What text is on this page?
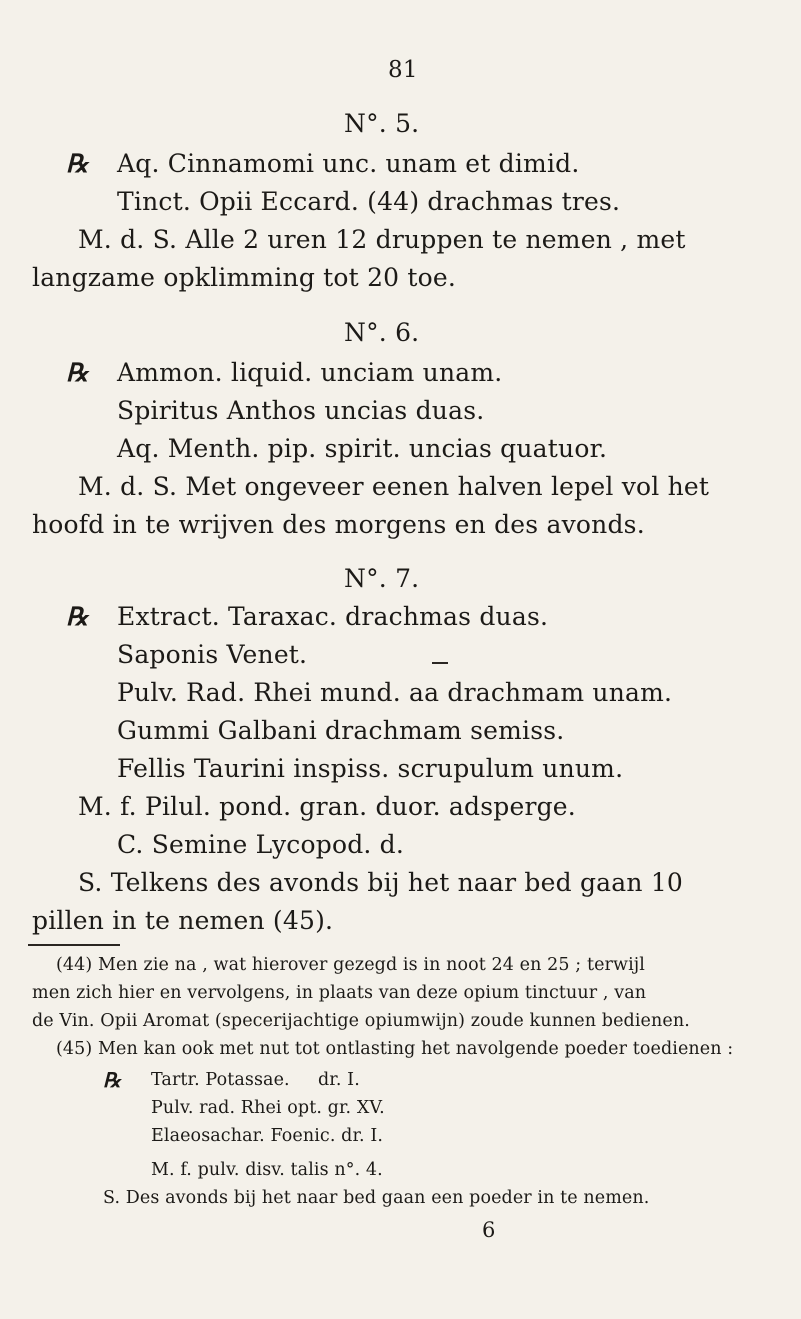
81
N°. 5.
℞ Aq. Cinnamomi unc. unam et dimid.
Tinct. Opii Eccard. (44) drachmas tres.
M. d. S. Alle 2 uren 12 druppen te nemen , met
langzame opklimming tot 20 toe.
N°. 6.
℞ Ammon. liquid. unciam unam.
Spiritus Anthos uncias duas.
Aq. Menth. pip. spirit. uncias quatuor.
M. d. S. Met ongeveer eenen halven lepel vol het
hoofd in te wrijven des morgens en des avonds.
N°. 7.
℞ Extract. Taraxac. drachmas duas.
Saponis Venet.
Pulv. Rad. Rhei mund. aa drachmam unam.
Gummi Galbani drachmam semiss.
Fellis Taurini inspiss. scrupulum unum.
M. f. Pilul. pond. gran. duor. adsperge.
C. Semine Lycopod. d.
S. Telkens des avonds bij het naar bed gaan 10
pillen in te nemen (45).
(44) Men zie na , wat hierover gezegd is in noot 24 en 25 ; terwijl
men zich hier en vervolgens, in plaats van deze opium tinctuur , van
de Vin. Opii Aromat (specerijachtige opiumwijn) zoude kunnen bedienen.
(45) Men kan ook met nut tot ontlasting het navolgende poeder toedienen :
℞ Tartr. Potassae.     dr. I.
Pulv. rad. Rhei opt. gr. XV.
Elaeosachar. Foenic. dr. I.
M. f. pulv. disv. talis n°. 4.
S. Des avonds bij het naar bed gaan een poeder in te nemen.
6
